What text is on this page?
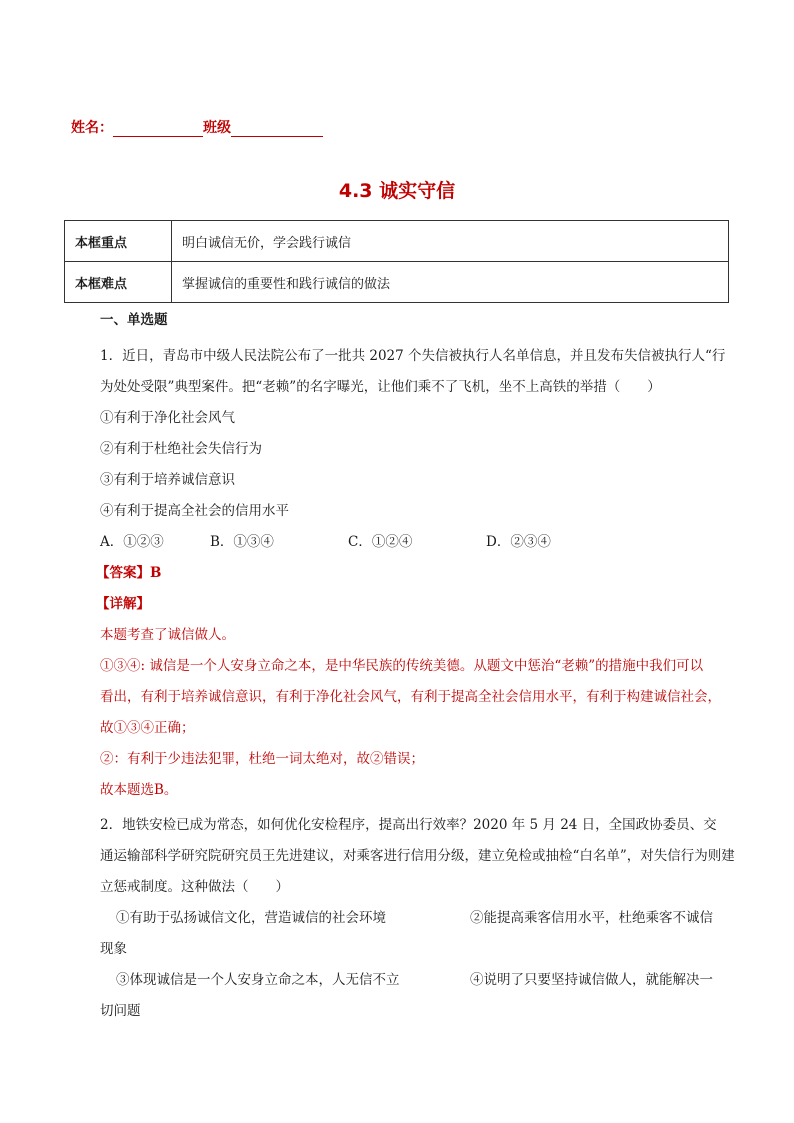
姓名：	班级
4.3 诚实守信
本框重点	明白诚信无价，学会践行诚信
本框难点	掌握诚信的重要性和践行诚信的做法
一、单选题
1．近日，青岛市中级人民法院公布了一批共 2027 个失信被执行人名单信息，并且发布失信被执行人“行
为处处受限”典型案件。把“老赖”的名字曝光，让他们乘不了飞机，坐不上高铁的举措（　　）
①有利于净化社会风气
②有利于杜绝社会失信行为
③有利于培养诚信意识
④有利于提高全社会的信用水平
A．①②③	B．①③④	C．①②④	D．②③④
【答案】B
【详解】
本题考查了诚信做人。
①③④: 诚信是一个人安身立命之本，是中华民族的传统美德。从题文中惩治“老赖”的措施中我们可以
看出，有利于培养诚信意识，有利于净化社会风气，有利于提高全社会信用水平，有利于构建诚信社会，
故①③④正确；
②：有利于少违法犯罪，杜绝一词太绝对，故②错误；
故本题选B。
2．地铁安检已成为常态，如何优化安检程序，提高出行效率？2020 年 5 月 24 日，全国政协委员、交
通运输部科学研究院研究员王先进建议，对乘客进行信用分级，建立免检或抽检“白名单”，对失信行为则建
立惩戒制度。这种做法（　　）
①有助于弘扬诚信文化，营造诚信的社会环境	②能提高乘客信用水平，杜绝乘客不诚信
现象
③体现诚信是一个人安身立命之本，人无信不立	④说明了只要坚持诚信做人，就能解决一
切问题
